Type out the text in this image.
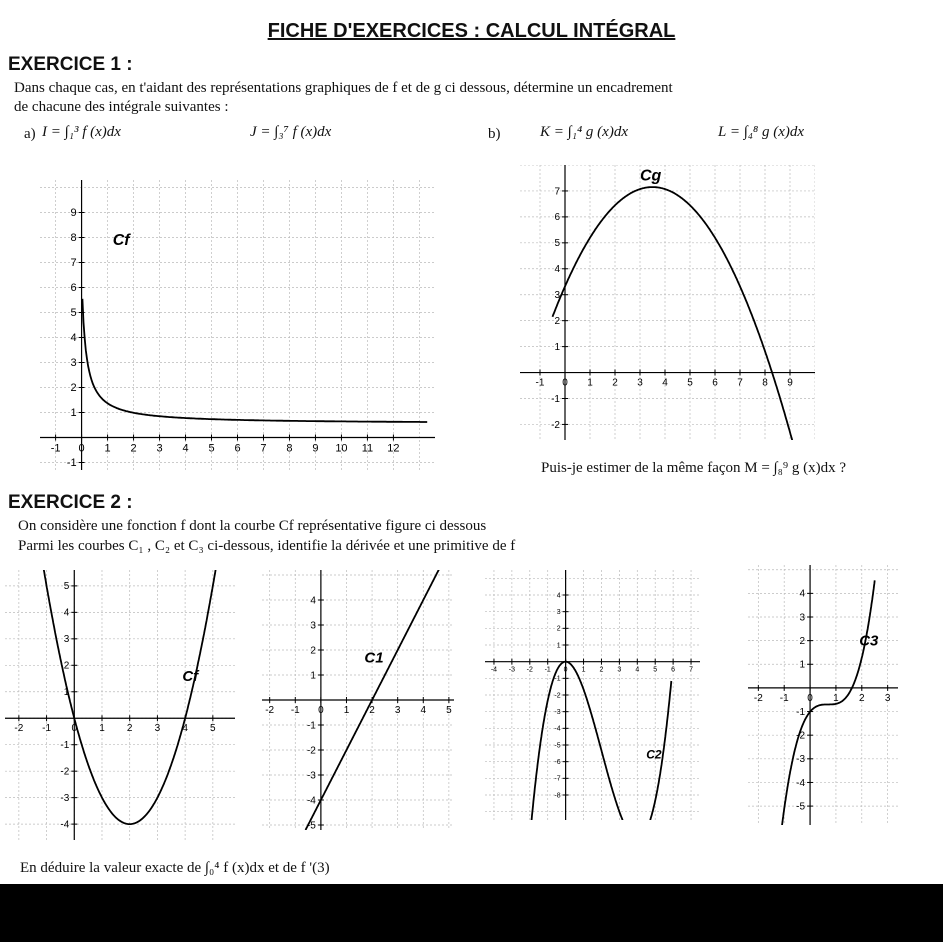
FICHE D'EXERCICES : CALCUL INTÉGRAL
EXERCICE 1 :
Dans chaque cas, en t'aidant des représentations graphiques de f et de g ci dessous, détermine un encadrement
de chacune des intégrale suivantes :
a) I = ∫₁³ f (x)dx	J = ∫₃⁷ f (x)dx	b)	K = ∫₁⁴ g (x)dx	L = ∫₄⁸ g (x)dx
Puis-je estimer de la même façon M = ∫₈⁹ g (x)dx ?
EXERCICE 2 :
On considère une fonction f dont la courbe Cf représentative figure ci dessous
Parmi les courbes C₁ , C₂ et C₃ ci-dessous, identifie la dérivée et une primitive de f
En déduire la valeur exacte de ∫₀⁴ f (x)dx et de f '(3)
-1 0 1 2 3 4 5 6 7 8 9 10 11 12
-1
1
2
3
4
5
6
7
8
9
Cf
-1 0 1 2 3 4 5 6 7 8 9
-2
-1
1
2
3
4
5
6
7
Cg
-2 -1 0 1 2 3 4 5
-4
-3
-2
-1
1
2
3
4
5
Cf
-2 -1 0 1 2 3 4 5
-5
-4
-3
-2
-1
1
2
3
4
C1
-4 -3 -2 -1 0 1 2 3 4 5 6 7
-8
-7
-6
-5
-4
-3
-2
-1
1
2
3
4
C2
-2 -1 0 1 2 3
-5
-4
-3
-2
-1
1
2
3
4
C3
